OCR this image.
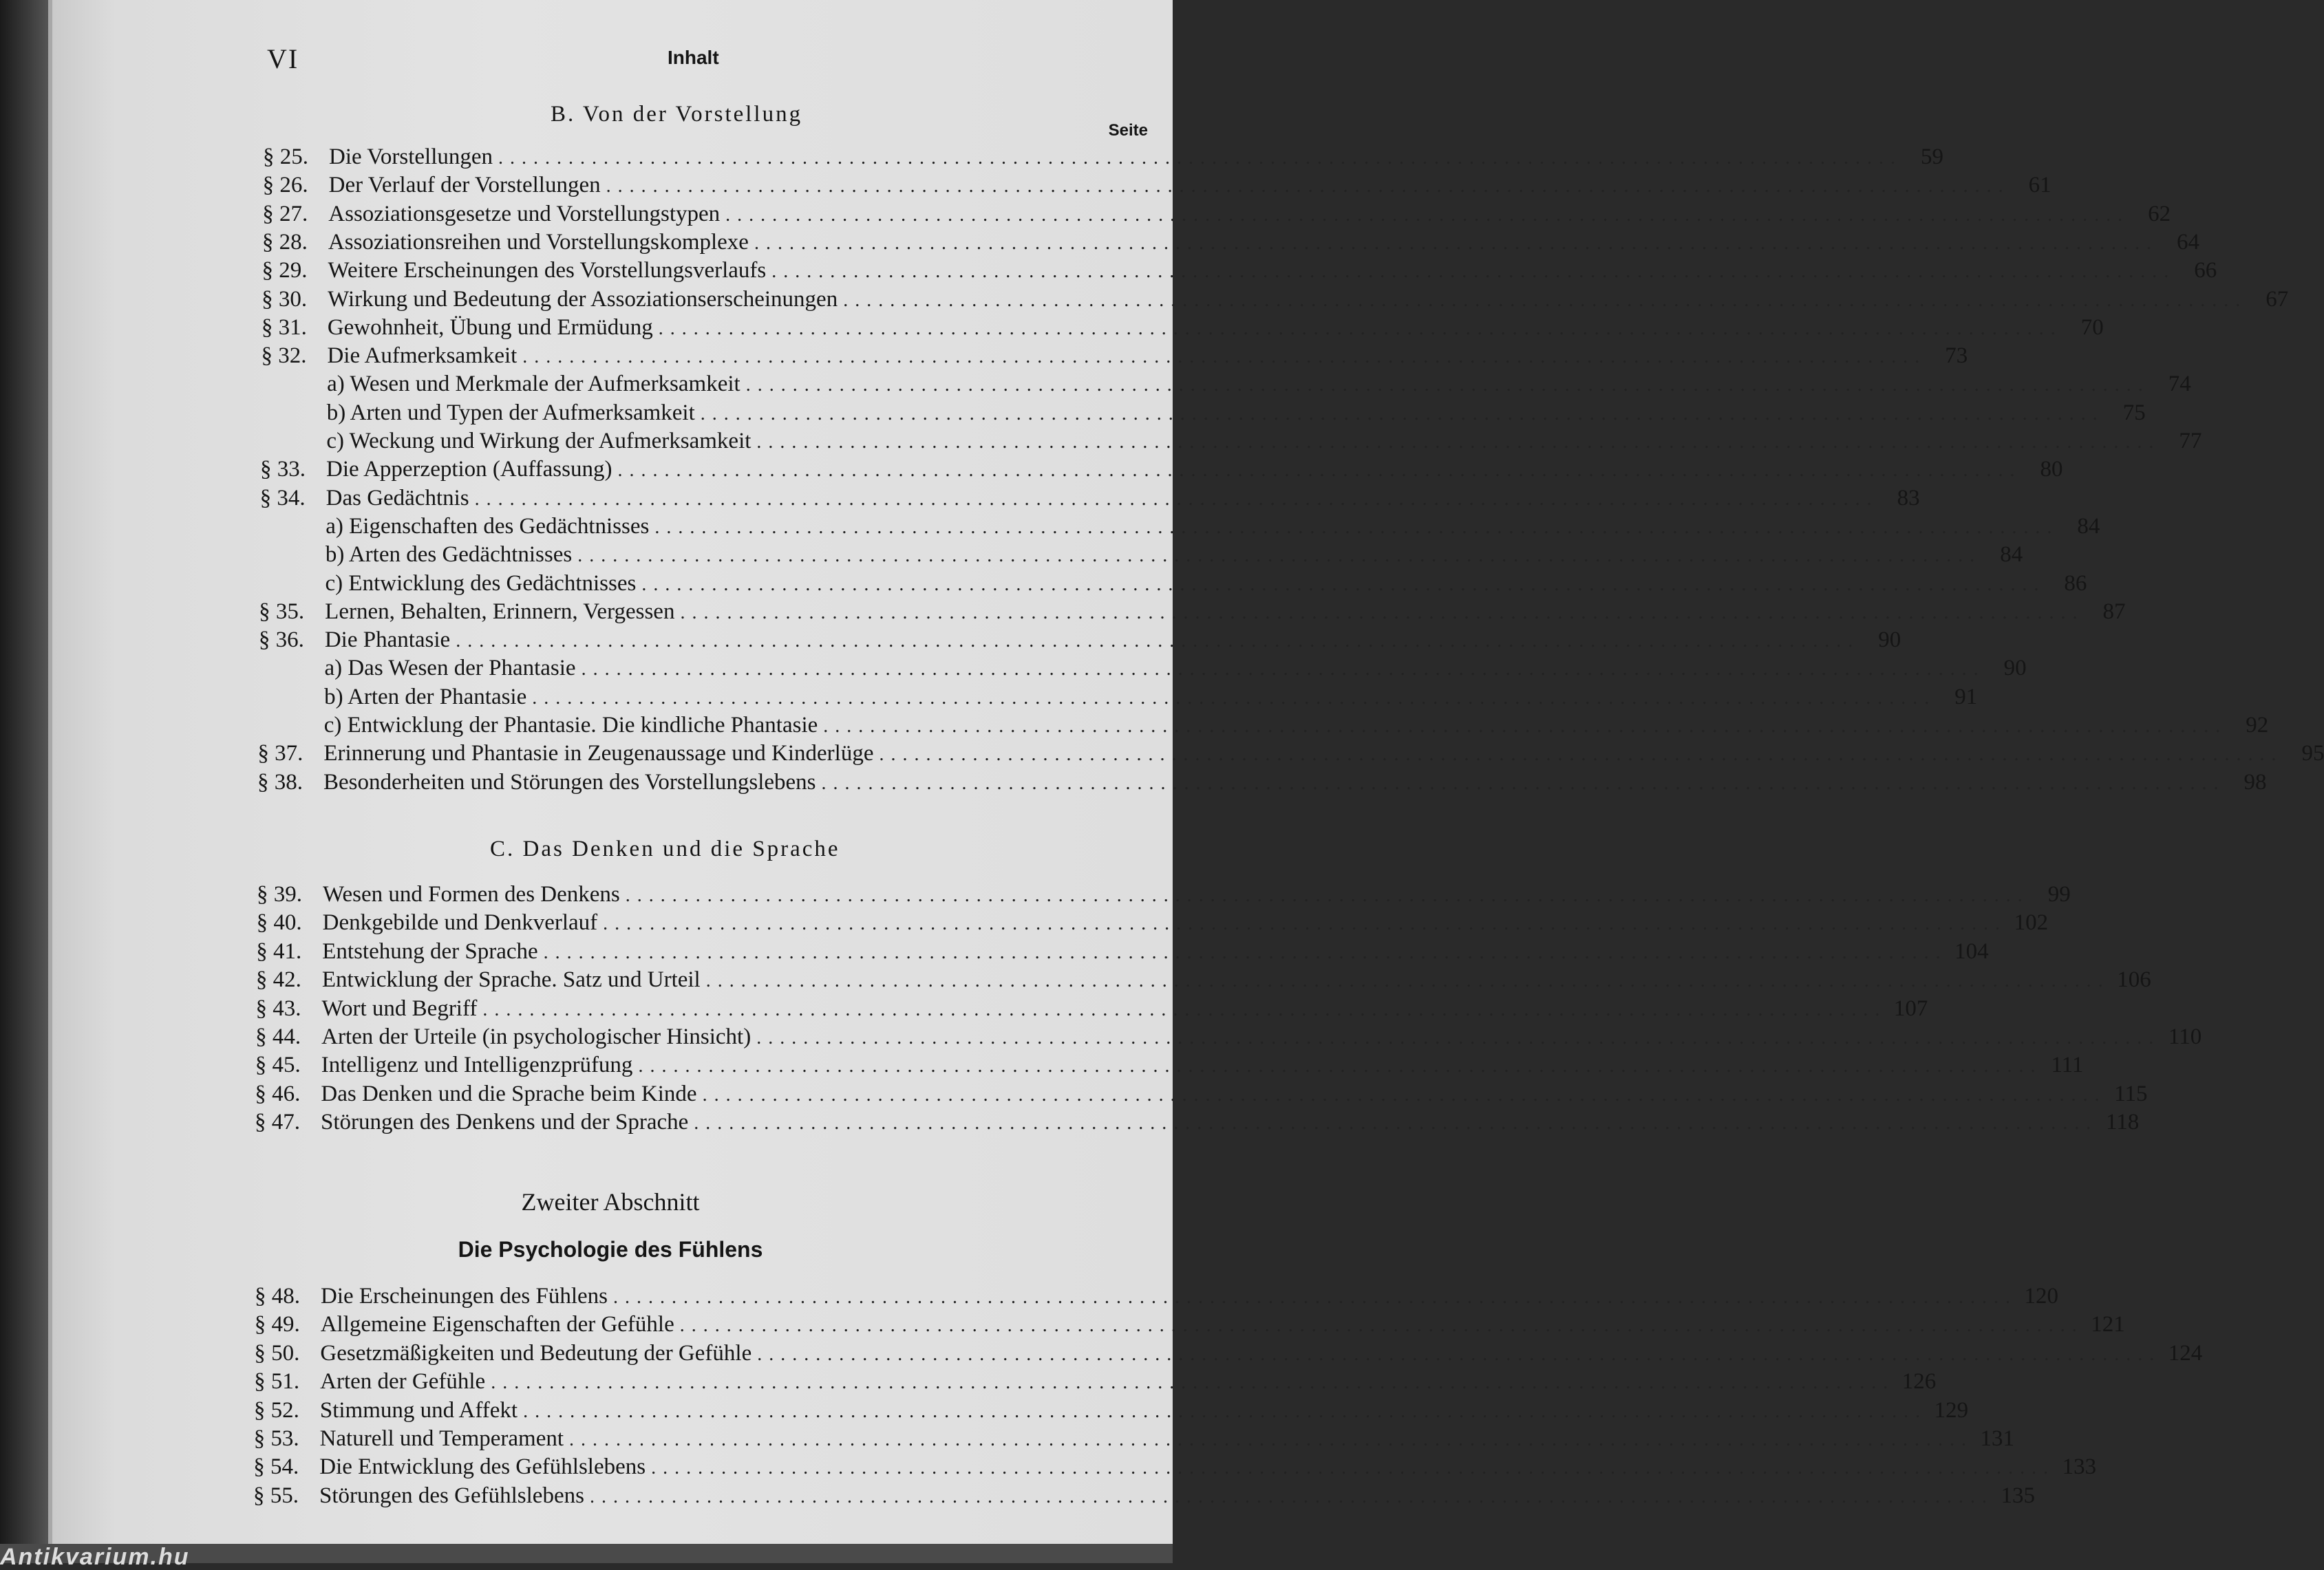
VI	Inhalt
B. Von der Vorstellung
Seite
§ 25. Die Vorstellungen ........................................................................................................................ 59
§ 26. Der Verlauf der Vorstellungen ........................................................................................................................ 61
§ 27. Assoziationsgesetze und Vorstellungstypen ........................................................................................................................ 62
§ 28. Assoziationsreihen und Vorstellungskomplexe ........................................................................................................................ 64
§ 29. Weitere Erscheinungen des Vorstellungsverlaufs ........................................................................................................................ 66
§ 30. Wirkung und Bedeutung der Assoziationserscheinungen ........................................................................................................................ 67
§ 31. Gewohnheit, Übung und Ermüdung ........................................................................................................................ 70
§ 32. Die Aufmerksamkeit ........................................................................................................................ 73
a) Wesen und Merkmale der Aufmerksamkeit ........................................................................................................................ 74
b) Arten und Typen der Aufmerksamkeit ........................................................................................................................ 75
c) Weckung und Wirkung der Aufmerksamkeit ........................................................................................................................ 77
§ 33. Die Apperzeption (Auffassung) ........................................................................................................................ 80
§ 34. Das Gedächtnis ........................................................................................................................ 83
a) Eigenschaften des Gedächtnisses ........................................................................................................................ 84
b) Arten des Gedächtnisses ........................................................................................................................ 84
c) Entwicklung des Gedächtnisses ........................................................................................................................ 86
§ 35. Lernen, Behalten, Erinnern, Vergessen ........................................................................................................................ 87
§ 36. Die Phantasie ........................................................................................................................ 90
a) Das Wesen der Phantasie ........................................................................................................................ 90
b) Arten der Phantasie ........................................................................................................................ 91
c) Entwicklung der Phantasie. Die kindliche Phantasie ........................................................................................................................ 92
§ 37. Erinnerung und Phantasie in Zeugenaussage und Kinderlüge ........................................................................................................................ 95
§ 38. Besonderheiten und Störungen des Vorstellungslebens ........................................................................................................................ 98
C. Das Denken und die Sprache
§ 39. Wesen und Formen des Denkens ........................................................................................................................ 99
§ 40. Denkgebilde und Denkverlauf ........................................................................................................................ 102
§ 41. Entstehung der Sprache ........................................................................................................................ 104
§ 42. Entwicklung der Sprache. Satz und Urteil ........................................................................................................................ 106
§ 43. Wort und Begriff ........................................................................................................................ 107
§ 44. Arten der Urteile (in psychologischer Hinsicht) ........................................................................................................................ 110
§ 45. Intelligenz und Intelligenzprüfung ........................................................................................................................ 111
§ 46. Das Denken und die Sprache beim Kinde ........................................................................................................................ 115
§ 47. Störungen des Denkens und der Sprache ........................................................................................................................ 118
Zweiter Abschnitt
Die Psychologie des Fühlens
§ 48. Die Erscheinungen des Fühlens ........................................................................................................................ 120
§ 49. Allgemeine Eigenschaften der Gefühle ........................................................................................................................ 121
§ 50. Gesetzmäßigkeiten und Bedeutung der Gefühle ........................................................................................................................ 124
§ 51. Arten der Gefühle ........................................................................................................................ 126
§ 52. Stimmung und Affekt ........................................................................................................................ 129
§ 53. Naturell und Temperament ........................................................................................................................ 131
§ 54. Die Entwicklung des Gefühlslebens ........................................................................................................................ 133
§ 55. Störungen des Gefühlslebens ........................................................................................................................ 135
Antikvarium.hu
